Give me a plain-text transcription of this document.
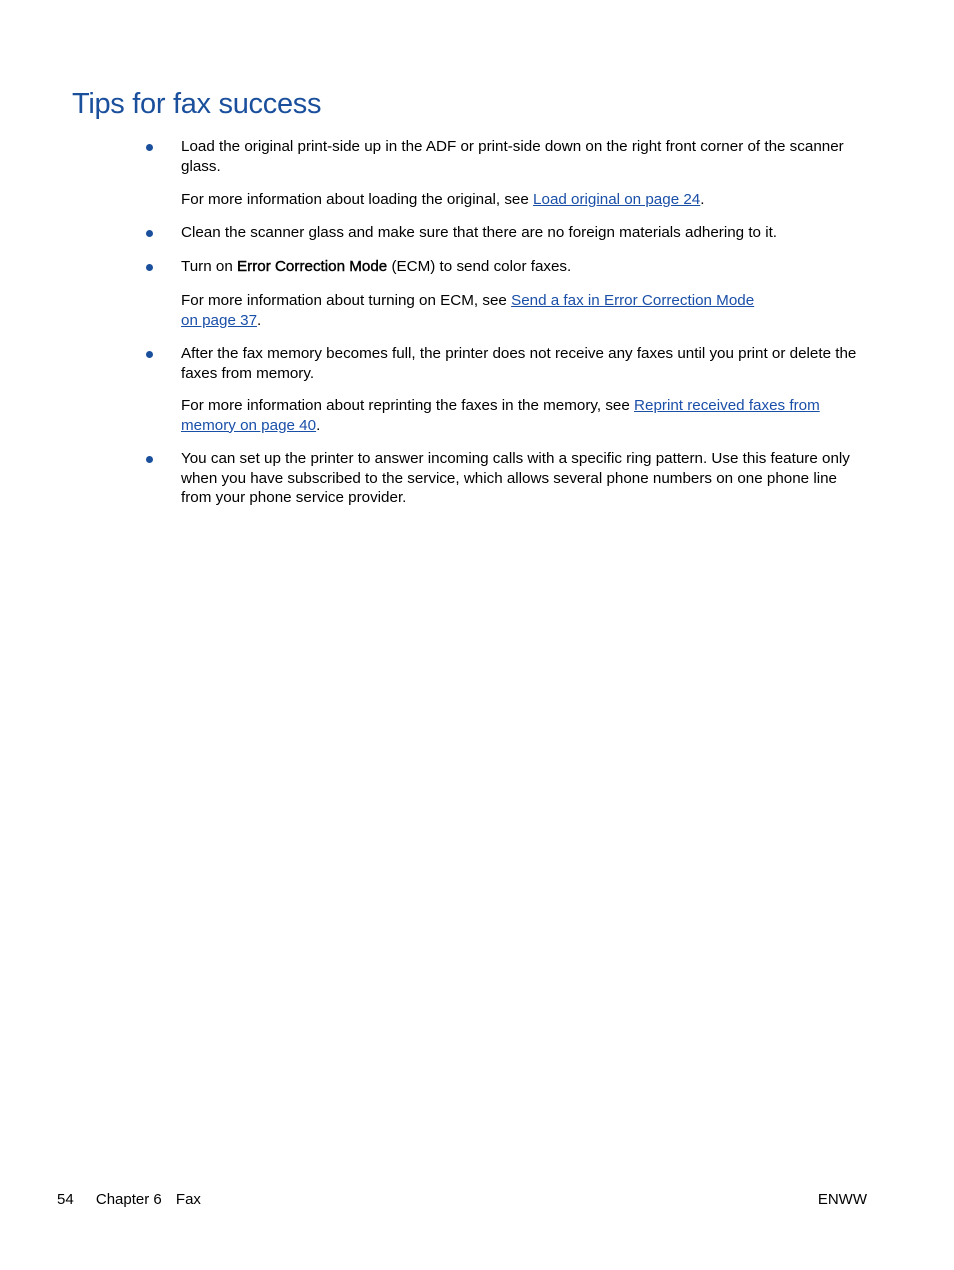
Tips for fax success
Load the original print-side up in the ADF or print-side down on the right front corner of the scanner glass.
For more information about loading the original, see Load original on page 24.
Clean the scanner glass and make sure that there are no foreign materials adhering to it.
Turn on Error Correction Mode (ECM) to send color faxes.
For more information about turning on ECM, see Send a fax in Error Correction Mode
on page 37.
After the fax memory becomes full, the printer does not receive any faxes until you print or delete the faxes from memory.
For more information about reprinting the faxes in the memory, see Reprint received faxes from
memory on page 40.
You can set up the printer to answer incoming calls with a specific ring pattern. Use this feature only when you have subscribed to the service, which allows several phone numbers on one phone line from your phone service provider.
54 Chapter 6 Fax	ENWW
